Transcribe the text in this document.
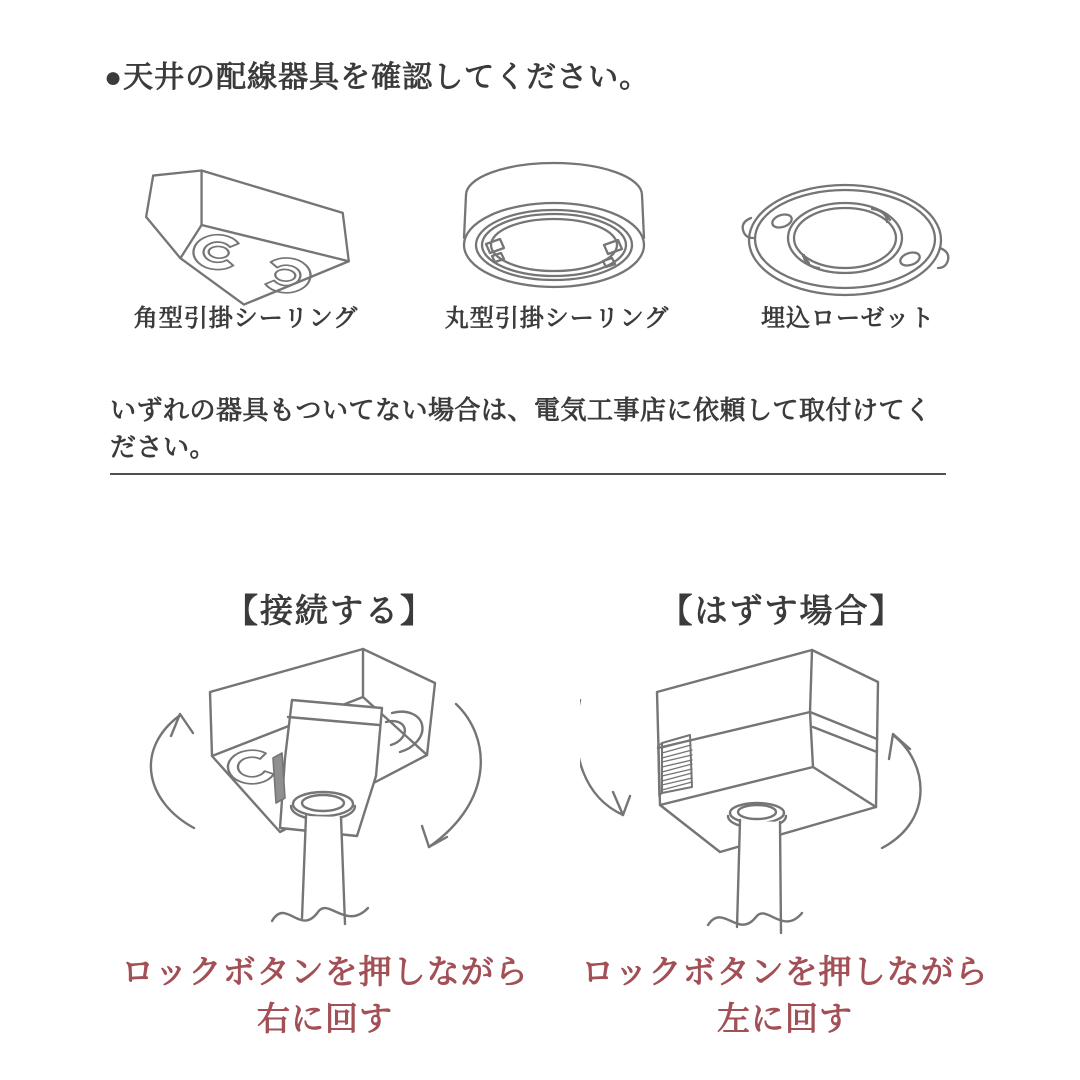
●天井の配線器具を確認してください。
角型引掛シーリング	丸型引掛シーリング	埋込ローゼット
いずれの器具もついてない場合は、電気工事店に依頼して取付けてください。
【接続する】	【はずす場合】
ロックボタンを押しながら
右に回す
ロックボタンを押しながら
左に回す
